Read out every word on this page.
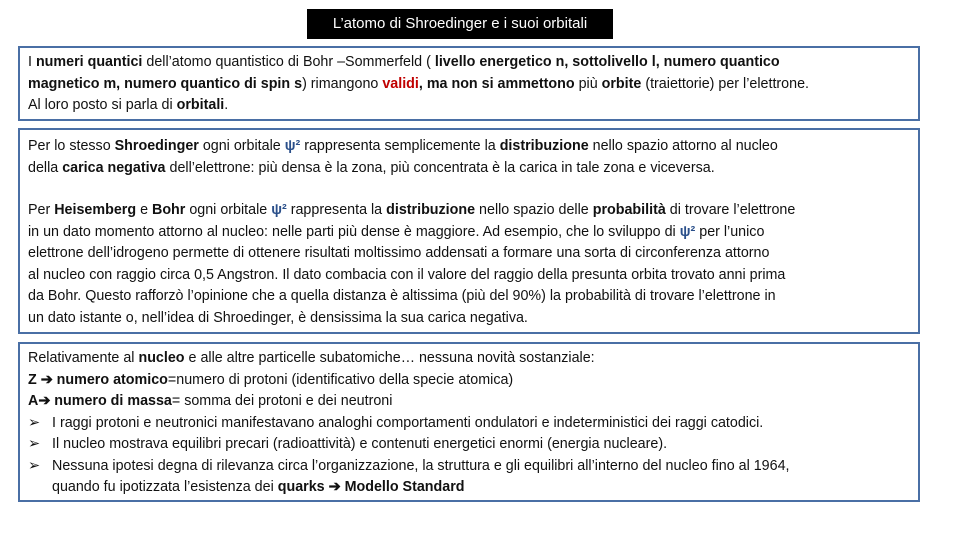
L’atomo di Shroedinger e i suoi orbitali
I numeri quantici dell’atomo quantistico di Bohr –Sommerfeld ( livello energetico n, sottolivello l, numero quantico
magnetico m, numero quantico di spin s) rimangono validi, ma non si ammettono più orbite (traiettorie) per l’elettrone.
Al loro posto si parla di orbitali.
Per lo stesso Shroedinger ogni orbitale ψ² rappresenta semplicemente la distribuzione nello spazio attorno al nucleo
della carica negativa dell’elettrone: più densa è la zona, più concentrata è la carica in tale zona e viceversa.
Per Heisemberg e Bohr ogni orbitale ψ² rappresenta la distribuzione nello spazio delle probabilità di trovare l’elettrone
in un dato momento attorno al nucleo: nelle parti più dense è maggiore. Ad esempio, che lo sviluppo di ψ² per l’unico
elettrone dell’idrogeno permette di ottenere risultati moltissimo addensati a formare una sorta di circonferenza attorno
al nucleo con raggio circa 0,5 Angstron. Il dato combacia con il valore del raggio della presunta orbita trovato anni prima
da Bohr. Questo rafforzò l’opinione che a quella distanza è altissima (più del 90%) la probabilità di trovare l’elettrone in
un dato istante o, nell’idea di Shroedinger, è densissima la sua carica negativa.
Relativamente al nucleo e alle altre particelle subatomiche… nessuna novità sostanziale:
Z ➔ numero atomico=numero di protoni (identificativo della specie atomica)
A➔ numero di massa= somma dei protoni e dei neutroni
➢ I raggi protoni e neutronici manifestavano analoghi comportamenti ondulatori e indeterministici dei raggi catodici.
➢ Il nucleo mostrava equilibri precari (radioattività) e contenuti energetici enormi (energia nucleare).
➢ Nessuna ipotesi degna di rilevanza circa l’organizzazione, la struttura e gli equilibri all’interno del nucleo fino al 1964,
quando fu ipotizzata l’esistenza dei quarks ➔ Modello Standard
